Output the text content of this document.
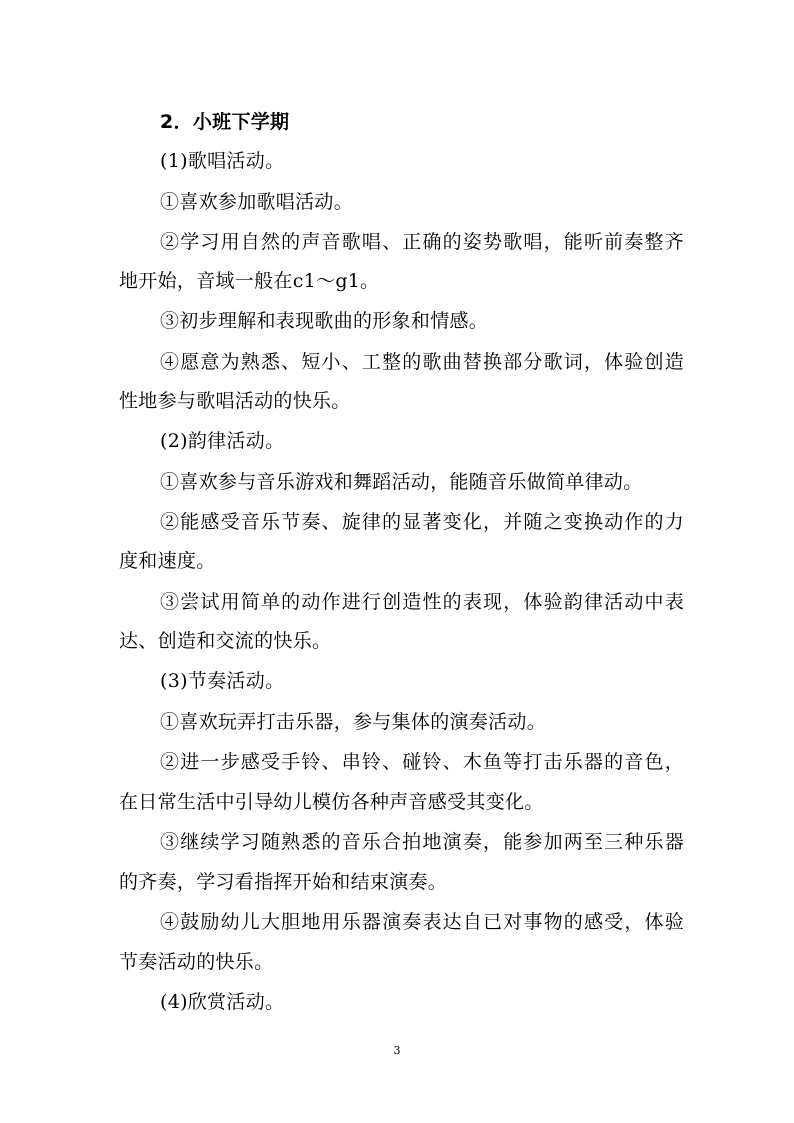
2．小班下学期
(1)歌唱活动。
①喜欢参加歌唱活动。
②学习用自然的声音歌唱、正确的姿势歌唱，能听前奏整齐
地开始，音域一般在c1～g1。
③初步理解和表现歌曲的形象和情感。
④愿意为熟悉、短小、工整的歌曲替换部分歌词，体验创造
性地参与歌唱活动的快乐。
(2)韵律活动。
①喜欢参与音乐游戏和舞蹈活动，能随音乐做简单律动。
②能感受音乐节奏、旋律的显著变化，并随之变换动作的力
度和速度。
③尝试用简单的动作进行创造性的表现，体验韵律活动中表
达、创造和交流的快乐。
(3)节奏活动。
①喜欢玩弄打击乐器，参与集体的演奏活动。
②进一步感受手铃、串铃、碰铃、木鱼等打击乐器的音色，
在日常生活中引导幼儿模仿各种声音感受其变化。
③继续学习随熟悉的音乐合拍地演奏，能参加两至三种乐器
的齐奏，学习看指挥开始和结束演奏。
④鼓励幼儿大胆地用乐器演奏表达自已对事物的感受，体验
节奏活动的快乐。
(4)欣赏活动。
3
